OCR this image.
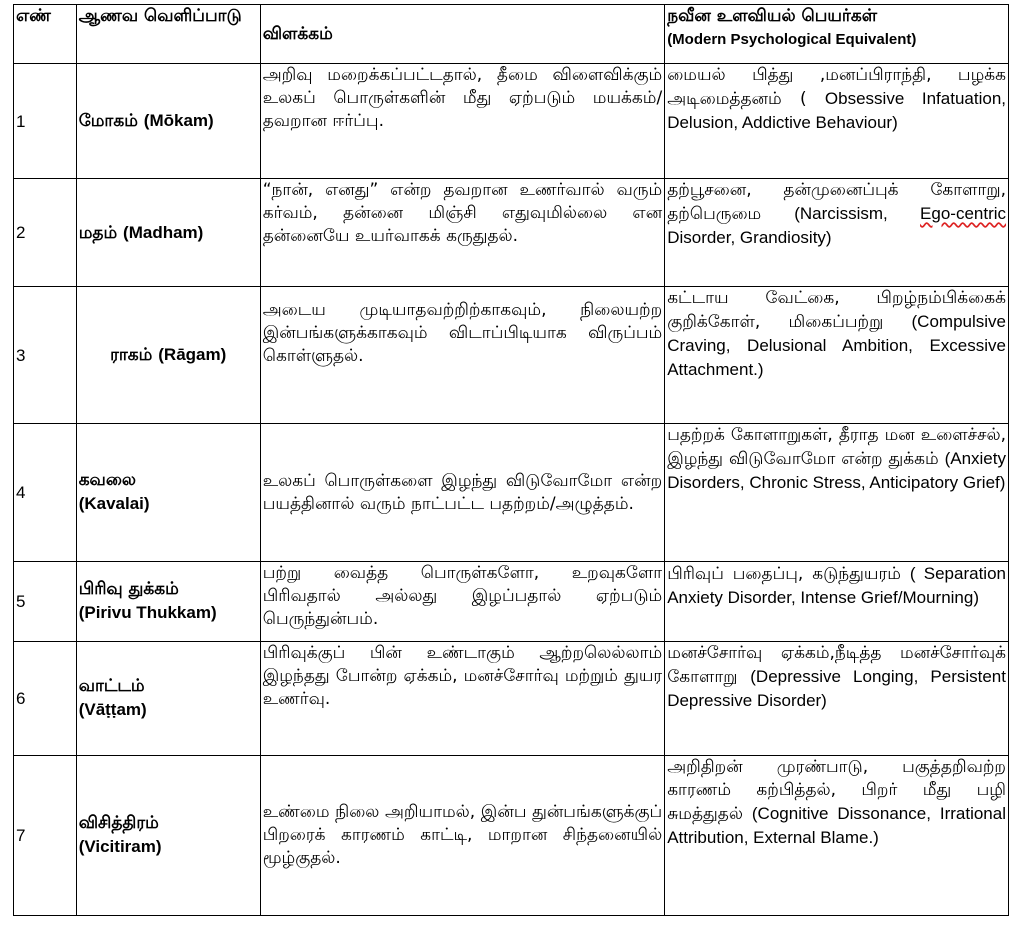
எண்	ஆணவ வெளிப்பாடு	விளக்கம்	நவீன உளவியல் பெயர்கள்
(Modern Psychological Equivalent)

1	மோகம் (Mōkam)	அறிவு மறைக்கப்பட்டதால், தீமை விளைவிக்கும் உலகப் பொருள்களின் மீது ஏற்படும் மயக்கம்/தவறான ஈர்ப்பு.	மையல் பித்து ,மனப்பிராந்தி, பழக்க அடிமைத்தனம் ( Obsessive Infatuation, Delusion, Addictive Behaviour)
2	மதம் (Madham)	“நான், எனது” என்ற தவறான உணர்வால் வரும் கர்வம், தன்னை மிஞ்சி எதுவுமில்லை என தன்னையே உயர்வாகக் கருதுதல்.	தற்பூசனை, தன்முனைப்புக் கோளாறு, தற்பெருமை (Narcissism, Ego-centric Disorder, Grandiosity)
3	ராகம் (Rāgam)	அடைய முடியாதவற்றிற்காகவும், நிலையற்ற இன்பங்களுக்காகவும் விடாப்பிடியாக விருப்பம் கொள்ளுதல்.	கட்டாய வேட்கை, பிறழ்நம்பிக்கைக் குறிக்கோள், மிகைப்பற்று (Compulsive Craving, Delusional Ambition, Excessive Attachment.)
4	கவலை
(Kavalai)	உலகப் பொருள்களை இழந்து விடுவோமோ என்ற பயத்தினால் வரும் நாட்பட்ட பதற்றம்/அழுத்தம்.	பதற்றக் கோளாறுகள், தீராத மன உளைச்சல், இழந்து விடுவோமோ என்ற துக்கம் (Anxiety Disorders, Chronic Stress, Anticipatory Grief)
5	பிரிவு துக்கம்
(Pirivu Thukkam)	பற்று வைத்த பொருள்களோ, உறவுகளோ பிரிவதால் அல்லது இழப்பதால் ஏற்படும் பெருந்துன்பம்.	பிரிவுப் பதைப்பு, கடுந்துயரம் ( Separation Anxiety Disorder, Intense Grief/Mourning)
6	வாட்டம்
(Vāṭṭam)	பிரிவுக்குப் பின் உண்டாகும் ஆற்றலெல்லாம் இழந்தது போன்ற ஏக்கம், மனச்சோர்வு மற்றும் துயர உணர்வு.	மனச்சோர்வு ஏக்கம்,நீடித்த மனச்சோர்வுக் கோளாறு (Depressive Longing, Persistent Depressive Disorder)
7	விசித்திரம்
(Vicitiram)	உண்மை நிலை அறியாமல், இன்ப துன்பங்களுக்குப் பிறரைக் காரணம் காட்டி, மாறான சிந்தனையில் மூழ்குதல்.	அறிதிறன் முரண்பாடு, பகுத்தறிவற்ற காரணம் கற்பித்தல், பிறர் மீது பழி சுமத்துதல் (Cognitive Dissonance, Irrational Attribution, External Blame.)
